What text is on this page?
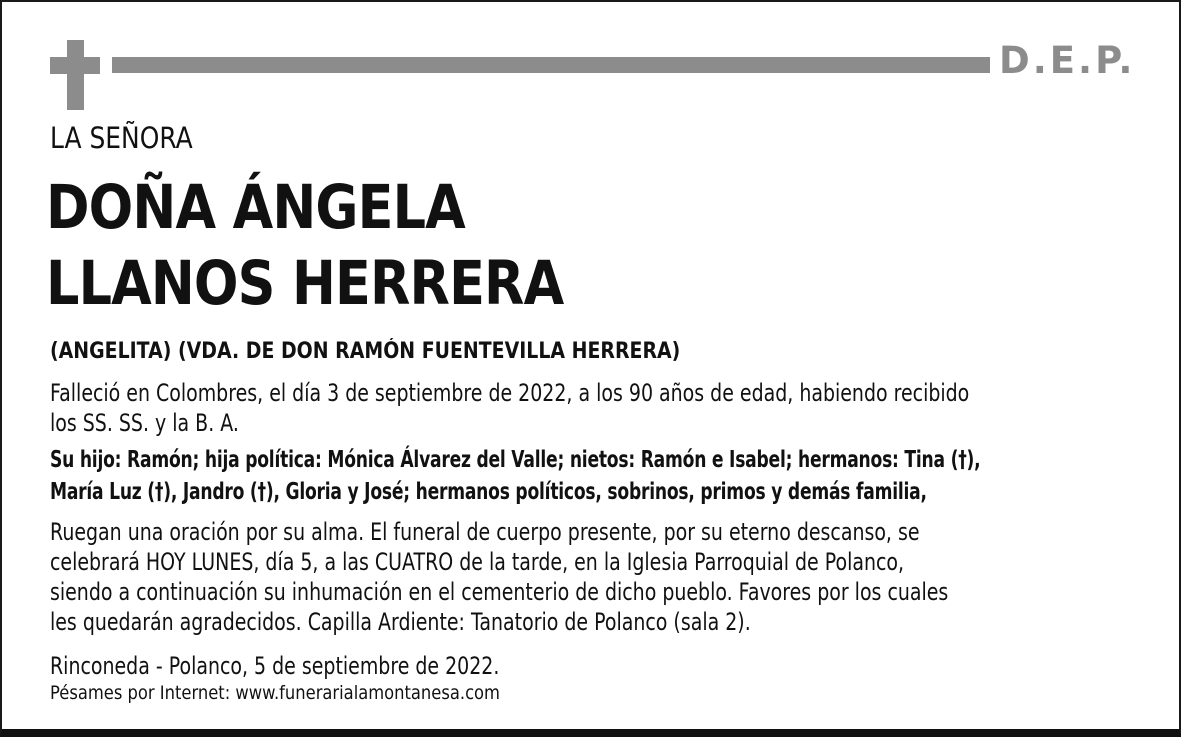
D.E.P.
LA SEÑORA
DOÑA ÁNGELA
LLANOS HERRERA
(ANGELITA) (VDA. DE DON RAMÓN FUENTEVILLA HERRERA)
Falleció en Colombres, el día 3 de septiembre de 2022, a los 90 años de edad, habiendo recibido
los SS. SS. y la B. A.
Su hijo: Ramón; hija política: Mónica Álvarez del Valle; nietos: Ramón e Isabel; hermanos: Tina (†),
María Luz (†), Jandro (†), Gloria y José; hermanos políticos, sobrinos, primos y demás familia,
Ruegan una oración por su alma. El funeral de cuerpo presente, por su eterno descanso, se
celebrará HOY LUNES, día 5, a las CUATRO de la tarde, en la Iglesia Parroquial de Polanco,
siendo a continuación su inhumación en el cementerio de dicho pueblo. Favores por los cuales
les quedarán agradecidos. Capilla Ardiente: Tanatorio de Polanco (sala 2).
Rinconeda - Polanco, 5 de septiembre de 2022.
Pésames por Internet: www.funerarialamontanesa.com
